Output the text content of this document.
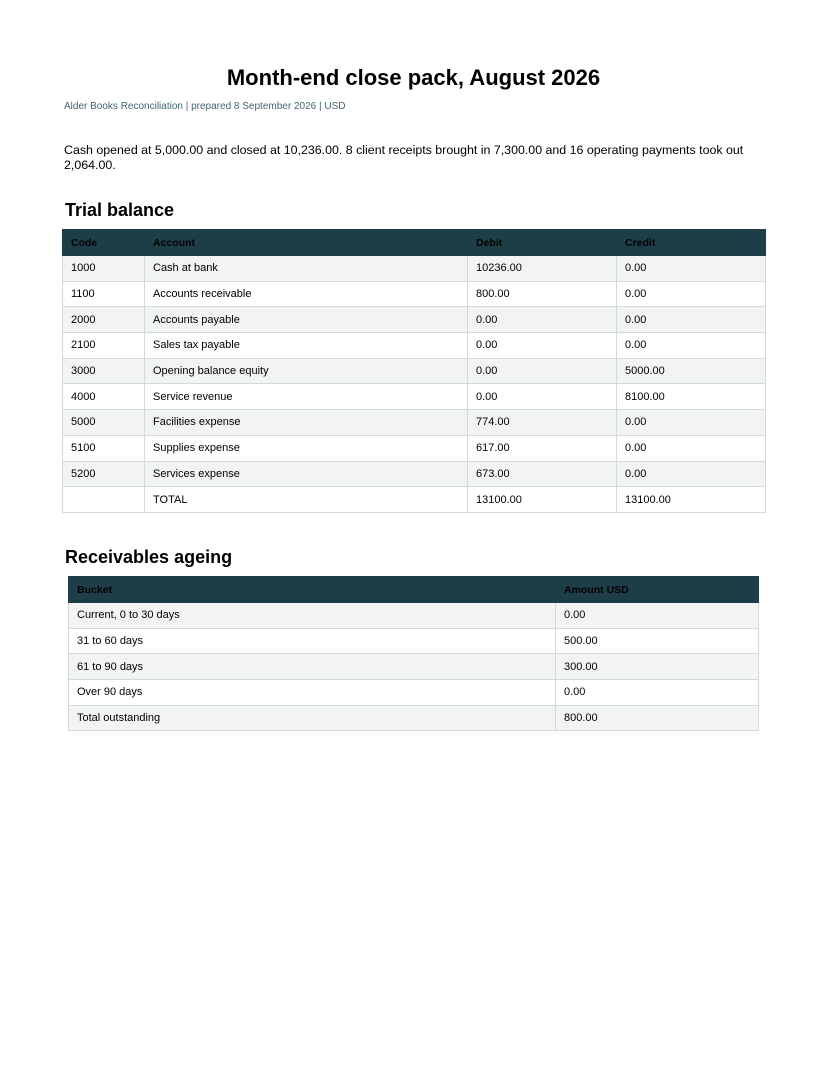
Month-end close pack, August 2026
Alder Books Reconciliation | prepared 8 September 2026 | USD
Cash opened at 5,000.00 and closed at 10,236.00. 8 client receipts brought in 7,300.00 and 16 operating payments took out 2,064.00.
Trial balance
Code	Account	Debit	Credit
1000	Cash at bank	10236.00	0.00
1100	Accounts receivable	800.00	0.00
2000	Accounts payable	0.00	0.00
2100	Sales tax payable	0.00	0.00
3000	Opening balance equity	0.00	5000.00
4000	Service revenue	0.00	8100.00
5000	Facilities expense	774.00	0.00
5100	Supplies expense	617.00	0.00
5200	Services expense	673.00	0.00
	TOTAL	13100.00	13100.00
Receivables ageing
Bucket	Amount USD
Current, 0 to 30 days	0.00
31 to 60 days	500.00
61 to 90 days	300.00
Over 90 days	0.00
Total outstanding	800.00
